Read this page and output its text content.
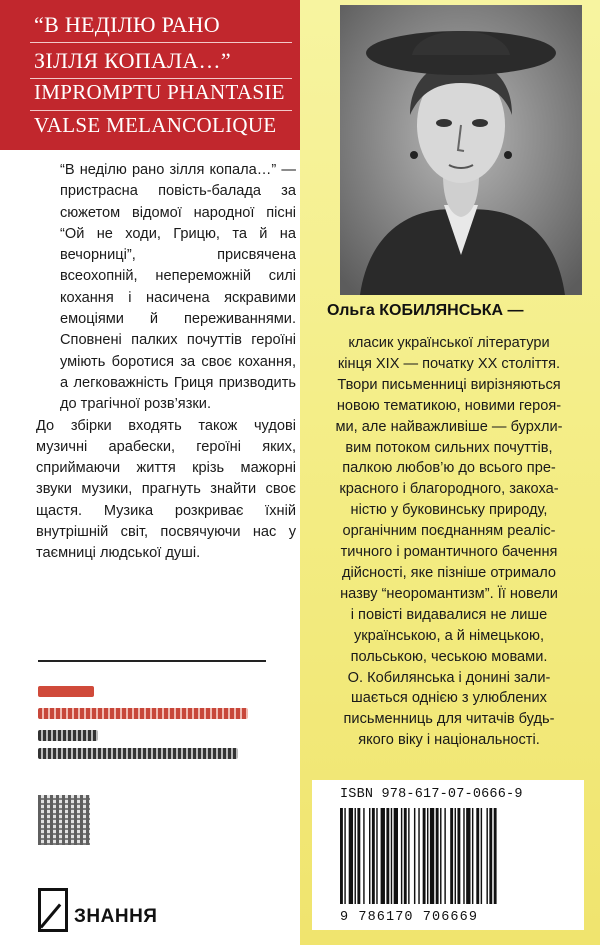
“В НЕДІЛЮ РАНО
ЗІЛЛЯ КОПАЛА…”
IMPROMPTU PHANTASIE
VALSE MELANCOLIQUE

“В неділю рано зілля копала…” — пристрасна повість-балада за сюжетом відомої народної пісні “Ой не ходи, Грицю, та й на вечорниці”, присвячена всеохопній, непереможній силі кохання і насичена яскравими емоціями й переживаннями. Сповнені палких почуттів героїні уміють боротися за своє кохання, а легковажність Гриця призводить до трагічної розв’язки.

До збірки входять також чудові музичні арабески, героїні яких, сприймаючи життя крізь мажорні звуки музики, прагнуть знайти своє щастя. Музика розкриває їхній внутрішній світ, посвячуючи нас у таємниці людської душі.

ЗНАННЯ
Ольга КОБИЛЯНСЬКА —

класик української літератури

кінця XIX — початку XX століття.

Твори письменниці вирізняються

новою тематикою, новими героя-

ми, але найважливіше — бурхли-

вим потоком сильних почуттів,

палкою любов’ю до всього пре-

красного і благородного, закоха-

ністю у буковинську природу,

органічним поєднанням реаліс-

тичного і романтичного бачення

дійсності, яке пізніше отримало

назву “неоромантизм”. Її новели

і повісті видавалися не лише

українською, а й німецькою,

польською, чеською мовами.

О. Кобилянська і донині зали-

шається однією з улюблених

письменниць для читачів будь-

якого віку і національності.

ISBN 978-617-07-0666-9
9 786170 706669
